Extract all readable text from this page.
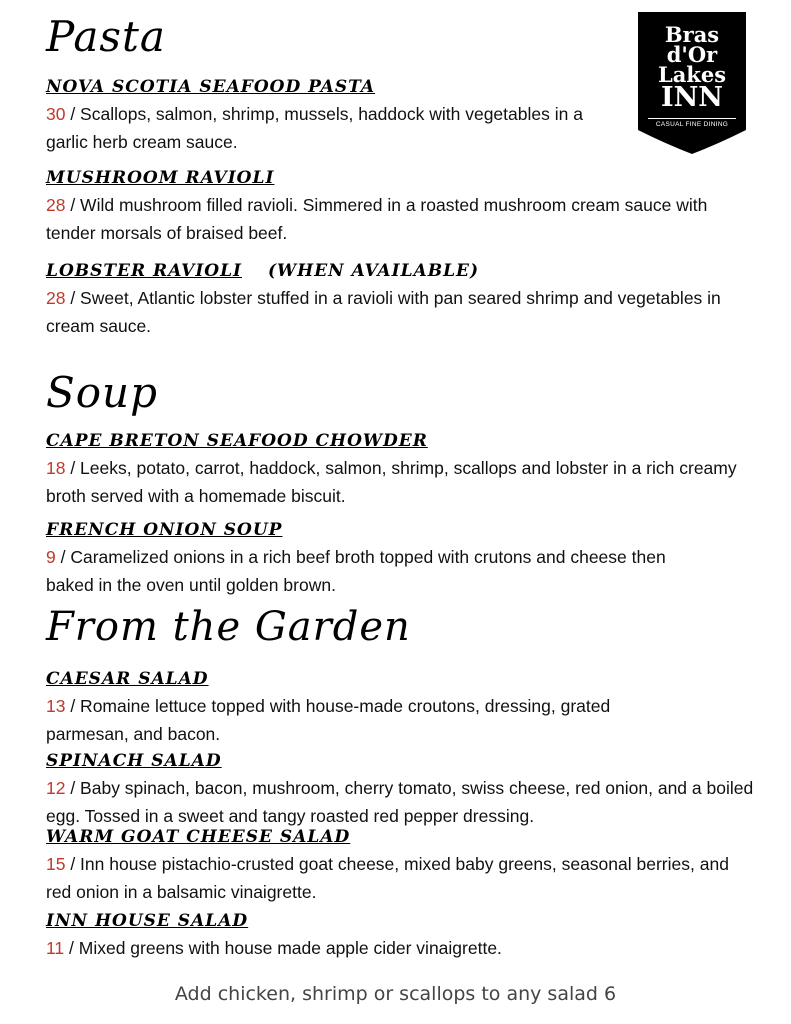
Bras
d'Or
Lakes
INN
CASUAL FINE DINING
Pasta
NOVA SCOTIA SEAFOOD PASTA
30 / Scallops, salmon, shrimp, mussels, haddock with vegetables in a garlic herb cream sauce.
MUSHROOM RAVIOLI
28 / Wild mushroom filled ravioli. Simmered in a roasted mushroom cream sauce with tender morsals of braised beef.
LOBSTER RAVIOLI (WHEN AVAILABLE)
28 / Sweet, Atlantic lobster stuffed in a ravioli with pan seared shrimp and vegetables in cream sauce.
Soup
CAPE BRETON SEAFOOD CHOWDER
18 / Leeks, potato, carrot, haddock, salmon, shrimp, scallops and lobster in a rich creamy broth served with a homemade biscuit.
FRENCH ONION SOUP
9 / Caramelized onions in a rich beef broth topped with crutons and cheese then baked in the oven until golden brown.
From the Garden
CAESAR SALAD
13 / Romaine lettuce topped with house-made croutons, dressing, grated parmesan, and bacon.
SPINACH SALAD
12 / Baby spinach, bacon, mushroom, cherry tomato, swiss cheese, red onion, and a boiled egg. Tossed in a sweet and tangy roasted red pepper dressing.
WARM GOAT CHEESE SALAD
15 / Inn house pistachio-crusted goat cheese, mixed baby greens, seasonal berries, and red onion in a balsamic vinaigrette.
INN HOUSE SALAD
11 / Mixed greens with house made apple cider vinaigrette.
Add chicken, shrimp or scallops to any salad 6
